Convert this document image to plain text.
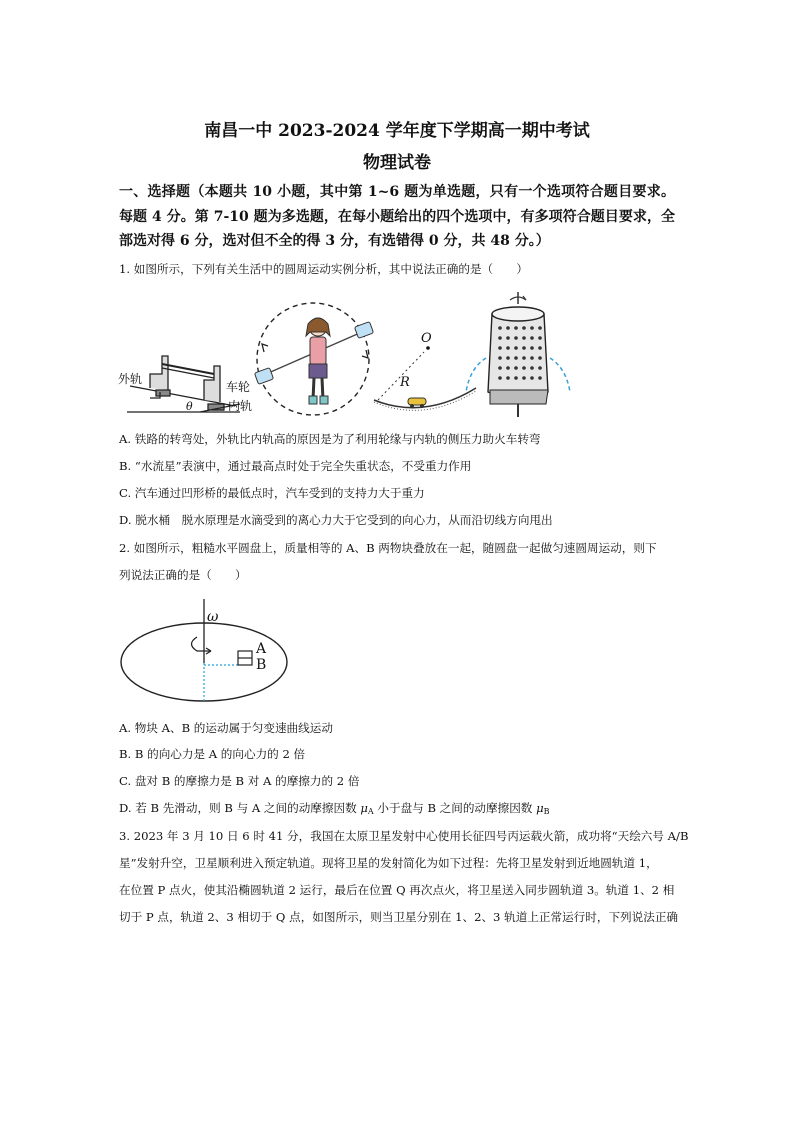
南昌一中 2023-2024 学年度下学期高一期中考试
物理试卷
一、选择题（本题共 10 小题，其中第 1~6 题为单选题，只有一个选项符合题目要求。每题 4 分。第 7-10 题为多选题，在每小题给出的四个选项中，有多项符合题目要求，全部选对得 6 分，选对但不全的得 3 分，有选错得 0 分，共 48 分。）
1. 如图所示，下列有关生活中的圆周运动实例分析，其中说法正确的是（　　）
外轨
车轮
内轨
θ
O
R
A. 铁路的转弯处，外轨比内轨高的原因是为了利用轮缘与内轨的侧压力助火车转弯
B. “水流星”表演中，通过最高点时处于完全失重状态，不受重力作用
C. 汽车通过凹形桥的最低点时，汽车受到的支持力大于重力
D. 脱水桶　脱水原理是水滴受到的离心力大于它受到的向心力，从而沿切线方向甩出
2. 如图所示，粗糙水平圆盘上，质量相等的 A、B 两物块叠放在一起，随圆盘一起做匀速圆周运动，则下
列说法正确的是（　　）
ω
A
B
A. 物块 A、B 的运动属于匀变速曲线运动
B. B 的向心力是 A 的向心力的 2 倍
C. 盘对 B 的摩擦力是 B 对 A 的摩擦力的 2 倍
D. 若 B 先滑动，则 B 与 A 之间的动摩擦因数 $\mu_A$ 小于盘与 B 之间的动摩擦因数 $\mu_B$
3. 2023 年 3 月 10 日 6 时 41 分，我国在太原卫星发射中心使用长征四号丙运载火箭，成功将“天绘六号 A/B
星”发射升空，卫星顺利进入预定轨道。现将卫星的发射简化为如下过程：先将卫星发射到近地圆轨道 1，
在位置 P 点火，使其沿椭圆轨道 2 运行，最后在位置 Q 再次点火，将卫星送入同步圆轨道 3。轨道 1、2 相
切于 P 点，轨道 2、3 相切于 Q 点，如图所示，则当卫星分别在 1、2、3 轨道上正常运行时，下列说法正确
